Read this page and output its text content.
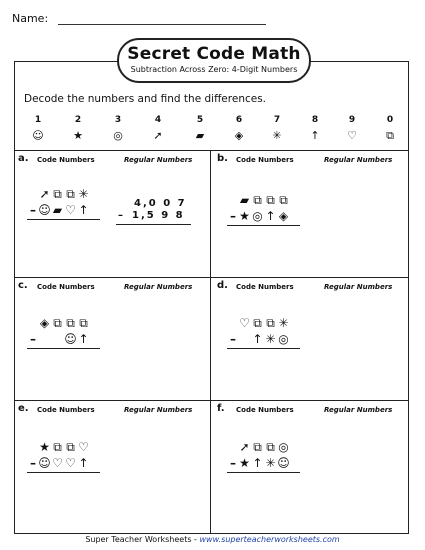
Name:
Secret Code Math
Subtraction Across Zero: 4-Digit Numbers
Decode the numbers and find the differences.
1
☺
2
★
3
◎
4
➚
5
▰
6
◈
7
✳
8
↑
9
♡
0
⧉
a. Code Numbers	Regular Numbers
➚ ⧉ ⧉ ✳
– ☺ ▰ ♡ ↑	4,0 0 7
– 1,5 9 8
b. Code Numbers	Regular Numbers
▰ ⧉ ⧉ ⧉
– ★ ◎ ↑ ◈
c. Code Numbers	Regular Numbers
◈ ⧉ ⧉ ⧉
– ☺ ↑
d. Code Numbers	Regular Numbers
♡ ⧉ ⧉ ✳
– ↑ ✳ ◎
e. Code Numbers	Regular Numbers
★ ⧉ ⧉ ♡
– ☺ ♡ ♡ ↑
f. Code Numbers	Regular Numbers
➚ ⧉ ⧉ ◎
– ★ ↑ ✳ ☺
Super Teacher Worksheets - www.superteacherworksheets.com
